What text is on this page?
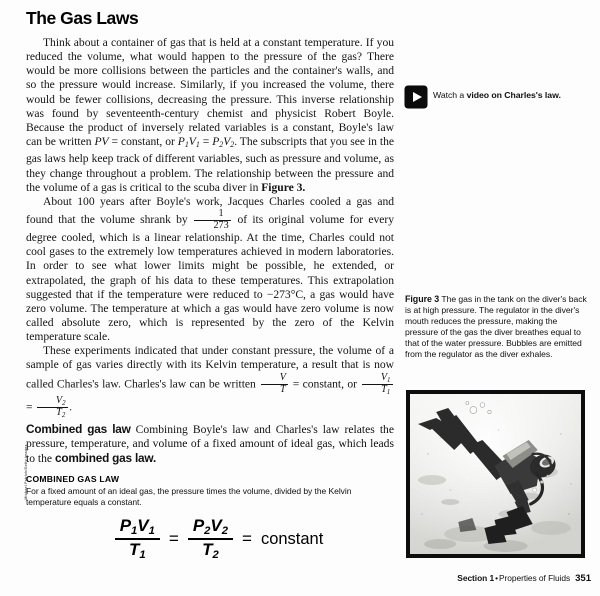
Michael Patrick/Getty Images
The Gas Laws

Think about a container of gas that is held at a constant temperature. If you reduced the volume, what would happen to the pressure of the gas? There would be more collisions between the particles and the container's walls, and so the pressure would increase. Similarly, if you increased the volume, there would be fewer collisions, decreasing the pressure. This inverse relationship was found by seventeenth-century chemist and physicist Robert Boyle. Because the product of inversely related variables is a constant, Boyle's law can be written PV = constant, or P1V1 = P2V2. The subscripts that you see in the gas laws help keep track of different variables, such as pressure and volume, as they change throughout a problem. The relationship between the pressure and the volume of a gas is critical to the scuba diver in Figure 3.

About 100 years after Boyle's work, Jacques Charles cooled a gas and found that the volume shrank by $\frac{1}{273}$ of its original volume for every degree cooled, which is a linear relationship. At the time, Charles could not cool gases to the extremely low temperatures achieved in modern laboratories. In order to see what lower limits might be possible, he extended, or extrapolated, the graph of his data to these temperatures. This extrapolation suggested that if the temperature were reduced to −273°C, a gas would have zero volume. The temperature at which a gas would have zero volume is now called absolute zero, which is represented by the zero of the Kelvin temperature scale.

These experiments indicated that under constant pressure, the volume of a sample of gas varies directly with its Kelvin temperature, a result that is now called Charles's law. Charles's law can be written $\frac{V}{T}$ = constant, or $\frac{V1}{T1}$
= $\frac{V2}{T2}$ .

Combined gas law Combining Boyle's law and Charles's law relates the pressure, temperature, and volume of a fixed amount of ideal gas, which leads to the combined gas law.

COMBINED GAS LAW
For a fixed amount of an ideal gas, the pressure times the volume, divided by the Kelvin temperature equals a constant.
$\frac{P1V1}{T1} = \frac{P2V2}{T2}$ = constant
Watch a video on Charles's law.
Figure 3 The gas in the tank on the diver's back is at high pressure. The regulator in the diver's mouth reduces the pressure, making the pressure of the gas the diver breathes equal to that of the water pressure. Bubbles are emitted from the regulator as the diver exhales.
Section 1•Properties of Fluids 351
